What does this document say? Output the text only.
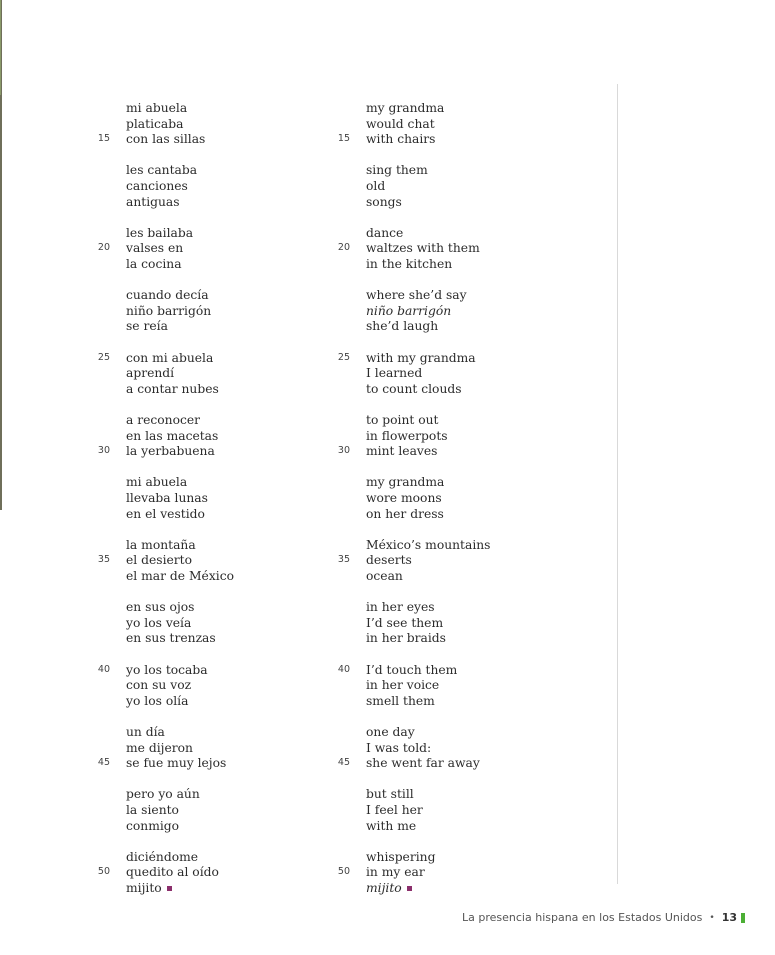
mi abuela
platicaba
15 con las sillas
les cantaba
canciones
antiguas
les bailaba
20 valses en
la cocina
cuando decía
niño barrigón
se reía
25 con mi abuela
aprendí
a contar nubes
a reconocer
en las macetas
30 la yerbabuena
mi abuela
llevaba lunas
en el vestido
la montaña
35 el desierto
el mar de México
en sus ojos
yo los veía
en sus trenzas
40 yo los tocaba
con su voz
yo los olía
un día
me dijeron
45 se fue muy lejos
pero yo aún
la siento
conmigo
diciéndome
50 quedito al oído
mijito
my grandma
would chat
15 with chairs
sing them
old
songs
dance
20 waltzes with them
in the kitchen
where she’d say
niño barrigón
she’d laugh
25 with my grandma
I learned
to count clouds
to point out
in flowerpots
30 mint leaves
my grandma
wore moons
on her dress
México’s mountains
35 deserts
ocean
in her eyes
I’d see them
in her braids
40 I’d touch them
in her voice
smell them
one day
I was told:
45 she went far away
but still
I feel her
with me
whispering
50 in my ear
mijito
La presencia hispana en los Estados Unidos • 13
